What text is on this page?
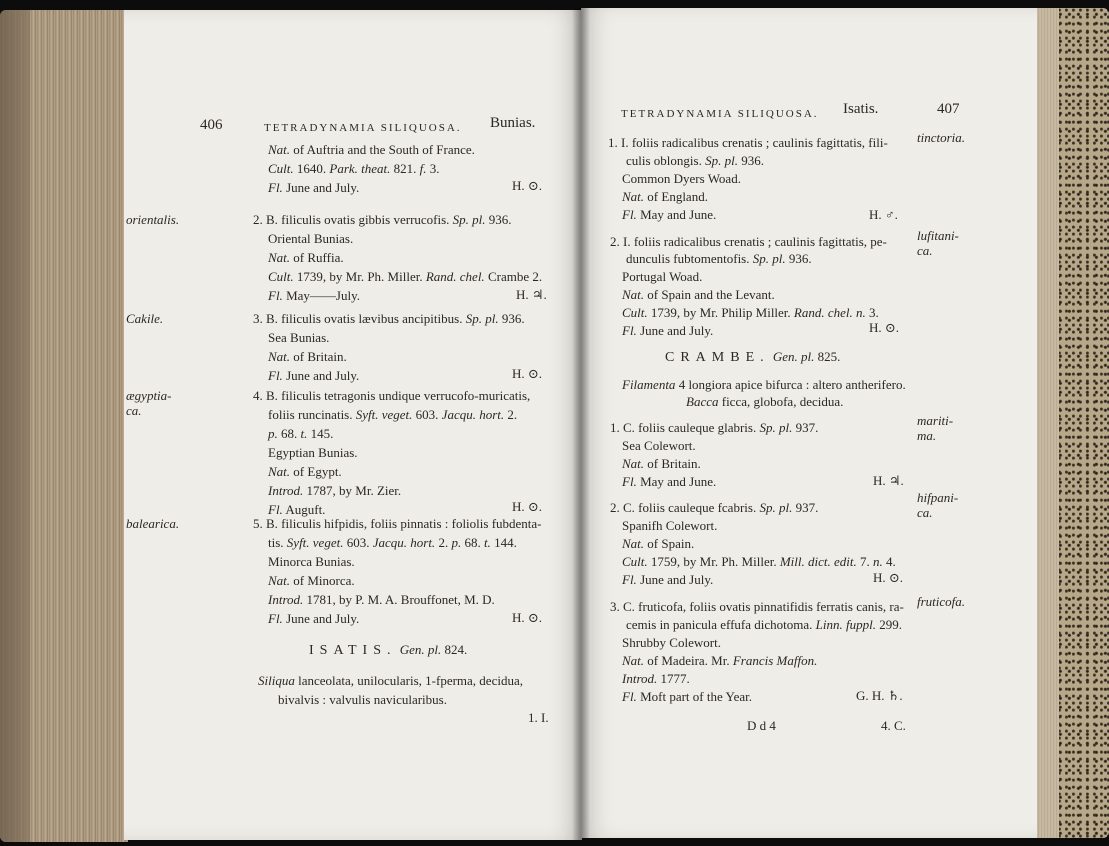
406	TETRADYNAMIA SILIQUOSA. Bunias.
Nat. of Auftria and the South of France.
Cult. 1640. Park. theat. 821. f. 3.
Fl. June and July.	H. ⊙.
orientalis.	2. B. filiculis ovatis gibbis verrucofis. Sp. pl. 936.
Oriental Bunias.
Nat. of Ruffia.
Cult. 1739, by Mr. Ph. Miller. Rand. chel. Crambe 2.
Fl. May——July.	H. ♃.
Cakile.	3. B. filiculis ovatis lævibus ancipitibus. Sp. pl. 936.
Sea Bunias.
Nat. of Britain.
Fl. June and July.	H. ⊙.
ægyptia-
ca.
4. B. filiculis tetragonis undique verrucofo-muricatis,
foliis runcinatis. Syft. veget. 603. Jacqu. hort. 2.
p. 68. t. 145.
Egyptian Bunias.
Nat. of Egypt.
Introd. 1787, by Mr. Zier.
Fl. Auguft.	H. ⊙.
balearica.	5. B. filiculis hifpidis, foliis pinnatis : foliolis fubdenta-
tis. Syft. veget. 603. Jacqu. hort. 2. p. 68. t. 144.
Minorca Bunias.
Nat. of Minorca.
Introd. 1781, by P. M. A. Brouffonet, M. D.
Fl. June and July.	H. ⊙.
ISATIS. Gen. pl. 824.
Siliqua lanceolata, unilocularis, 1-fperma, decidua,
bivalvis : valvulis navicularibus.
1. I.
TETRADYNAMIA SILIQUOSA. Isatis.	407
1. I. foliis radicalibus crenatis ; caulinis fagittatis, fili- tinctoria.
culis oblongis. Sp. pl. 936.
Common Dyers Woad.
Nat. of England.
Fl. May and June.	H. ♂.
2. I. foliis radicalibus crenatis ; caulinis fagittatis, pe- lufitani-
ca.
dunculis fubtomentofis. Sp. pl. 936.
Portugal Woad.
Nat. of Spain and the Levant.
Cult. 1739, by Mr. Philip Miller. Rand. chel. n. 3.
Fl. June and July.	H. ⊙.
CRAMBE. Gen. pl. 825.
Filamenta 4 longiora apice bifurca : altero antherifero.
Bacca ficca, globofa, decidua.
1. C. foliis cauleque glabris. Sp. pl. 937.	mariti-
ma.
Sea Colewort.
Nat. of Britain.
Fl. May and June.	H. ♃.
2. C. foliis cauleque fcabris. Sp. pl. 937.
hifpani-
ca.
Spanifh Colewort.
Nat. of Spain.
Cult. 1759, by Mr. Ph. Miller. Mill. dict. edit. 7. n. 4.
Fl. June and July.	H. ⊙.
3. C. fruticofa, foliis ovatis pinnatifidis ferratis canis, ra- fruticofa.
cemis in panicula effufa dichotoma. Linn. fuppl. 299.
Shrubby Colewort.
Nat. of Madeira. Mr. Francis Maffon.
Introd. 1777.
Fl. Moft part of the Year.	G. H. ♄.
D d 4	4. C.
